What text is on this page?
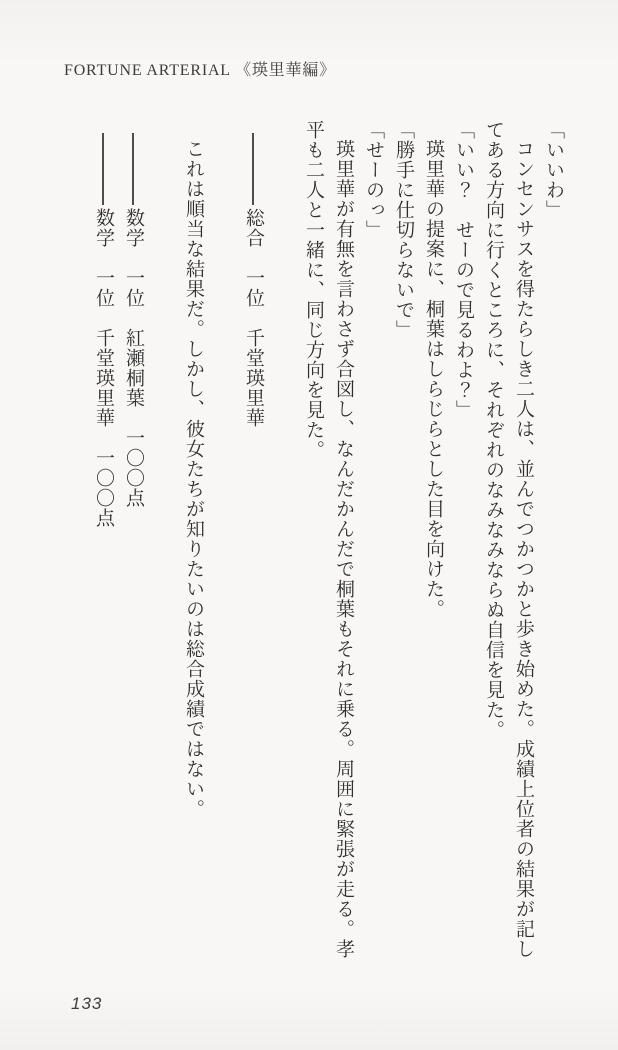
FORTUNE ARTERIAL 《瑛里華編》

「いいわ」

コンセンサスを得たらしき二人は、並んでつかつかと歩き始めた。成績上位者の結果が記してある方向に行くところに、それぞれのなみなみならぬ自信を見た。

「いい？　せーので見るわよ？」

瑛里華の提案に、桐葉はしらじらとした目を向けた。

「勝手に仕切らないで」

「せーのっ」

瑛里華が有無を言わさず合図し、なんだかんだで桐葉もそれに乗る。周囲に緊張が走る。孝平も二人と一緒に、同じ方向を見た。

総合　一位　千堂瑛里華

これは順当な結果だ。しかし、彼女たちが知りたいのは総合成績ではない。

数学　一位　紅瀬桐葉　一〇〇点

数学　一位　千堂瑛里華　一〇〇点

133
